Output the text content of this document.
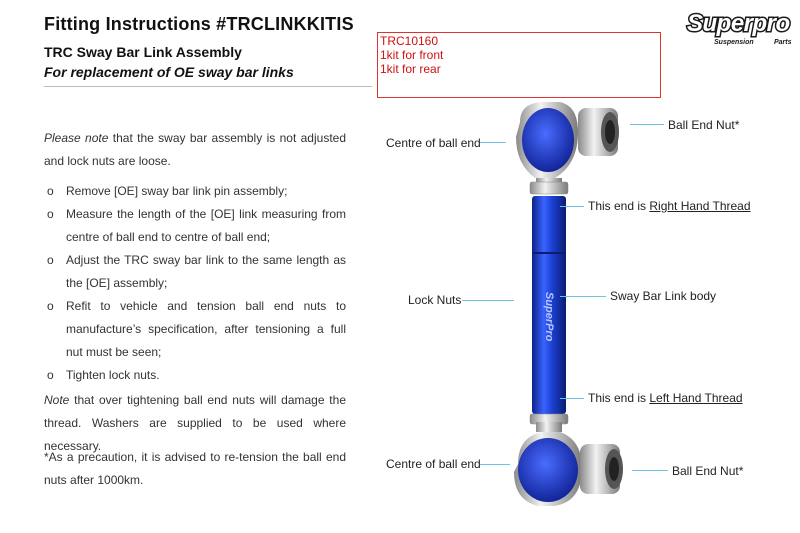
Fitting Instructions #TRCLINKKITIS
TRC Sway Bar Link Assembly
For replacement of OE sway bar links
TRC10160
1kit for front
1kit for rear
Superpro
Suspension	Parts
Please note that the sway bar assembly is not adjusted and lock nuts are loose.
o Remove [OE] sway bar link pin assembly;
o Measure the length of the [OE] link measuring from centre of ball end to centre of ball end;
o Adjust the TRC sway bar link to the same length as the [OE] assembly;
o Refit to vehicle and tension ball end nuts to manufacture’s specification, after tensioning a full nut must be seen;
o Tighten lock nuts.
Note that over tightening ball end nuts will damage the thread. Washers are supplied to be used where necessary.
*As a precaution, it is advised to re-tension the ball end nuts after 1000km.
SuperPro
Centre of ball end
Ball End Nut*
This end is Right Hand Thread
Lock Nuts	Sway Bar Link body
This end is Left Hand Thread
Centre of ball end	Ball End Nut*
